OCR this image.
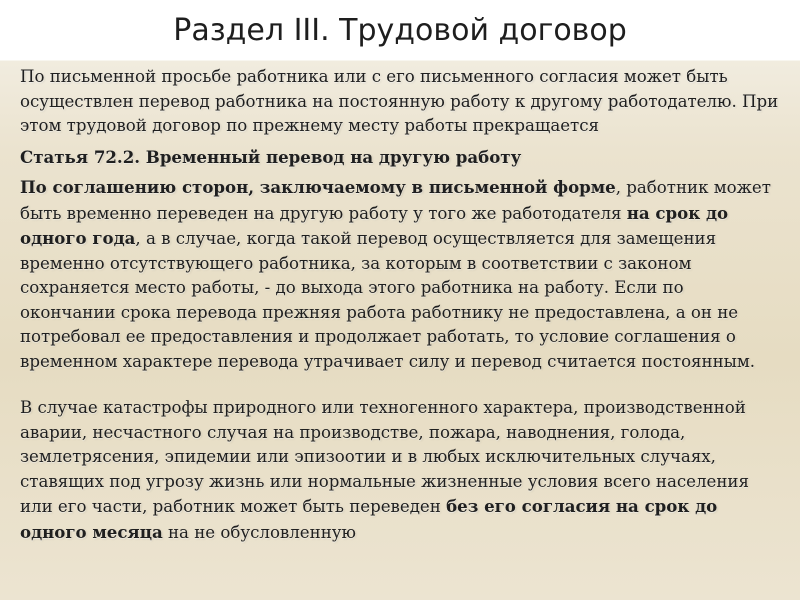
Раздел III. Трудовой договор

По письменной просьбе работника или с его письменного согласия может быть осуществлен перевод работника на постоянную работу к другому работодателю. При этом трудовой договор по прежнему месту работы прекращается

Статья 72.2. Временный перевод на другую работу

По соглашению сторон, заключаемому в письменной форме, работник может быть временно переведен на другую работу у того же работодателя на срок до одного года, а в случае, когда такой перевод осуществляется для замещения временно отсутствующего работника, за которым в соответствии с законом сохраняется место работы, - до выхода этого работника на работу. Если по окончании срока перевода прежняя работа работнику не предоставлена, а он не потребовал ее предоставления и продолжает работать, то условие соглашения о временном характере перевода утрачивает силу и перевод считается постоянным.

В случае катастрофы природного или техногенного характера, производственной аварии, несчастного случая на производстве, пожара, наводнения, голода, землетрясения, эпидемии или эпизоотии и в любых исключительных случаях, ставящих под угрозу жизнь или нормальные жизненные условия всего населения или его части, работник может быть переведен без его согласия на срок до одного месяца на не обусловленную
